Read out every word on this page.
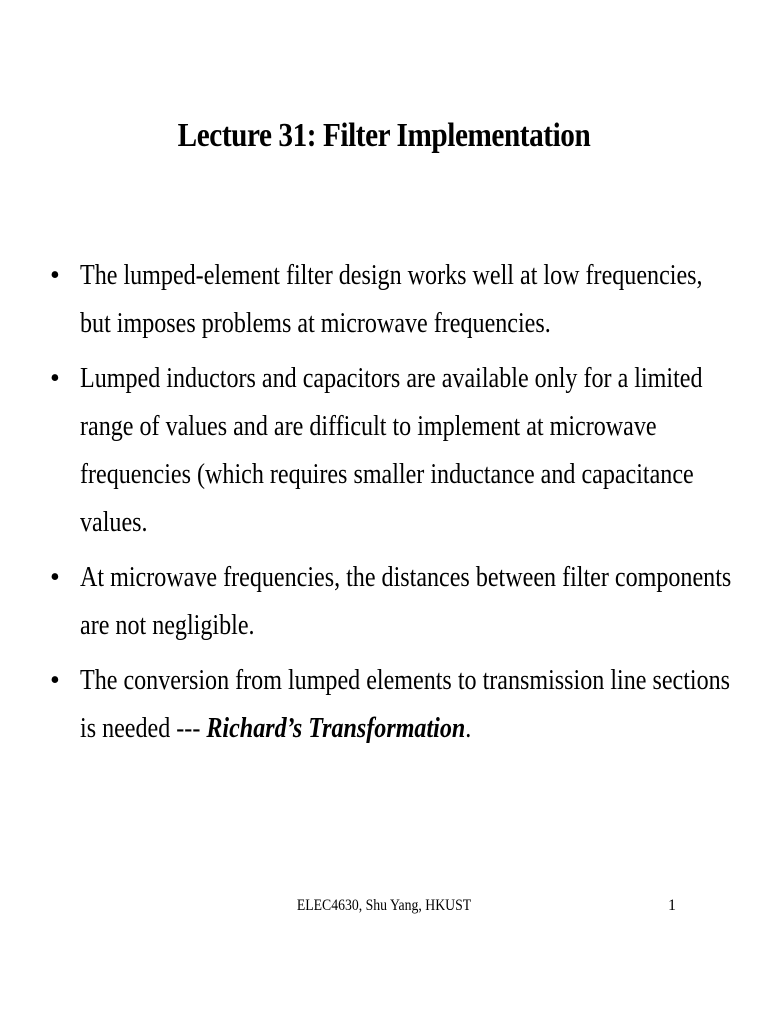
Lecture 31: Filter Implementation
• The lumped-element filter design works well at low frequencies, but imposes problems at microwave frequencies.
• Lumped inductors and capacitors are available only for a limited range of values and are difficult to implement at microwave frequencies (which requires smaller inductance and capacitance values.
• At microwave frequencies, the distances between filter components are not negligible.
• The conversion from lumped elements to transmission line sections is needed --- Richard’s Transformation.
ELEC4630, Shu Yang, HKUST	1
